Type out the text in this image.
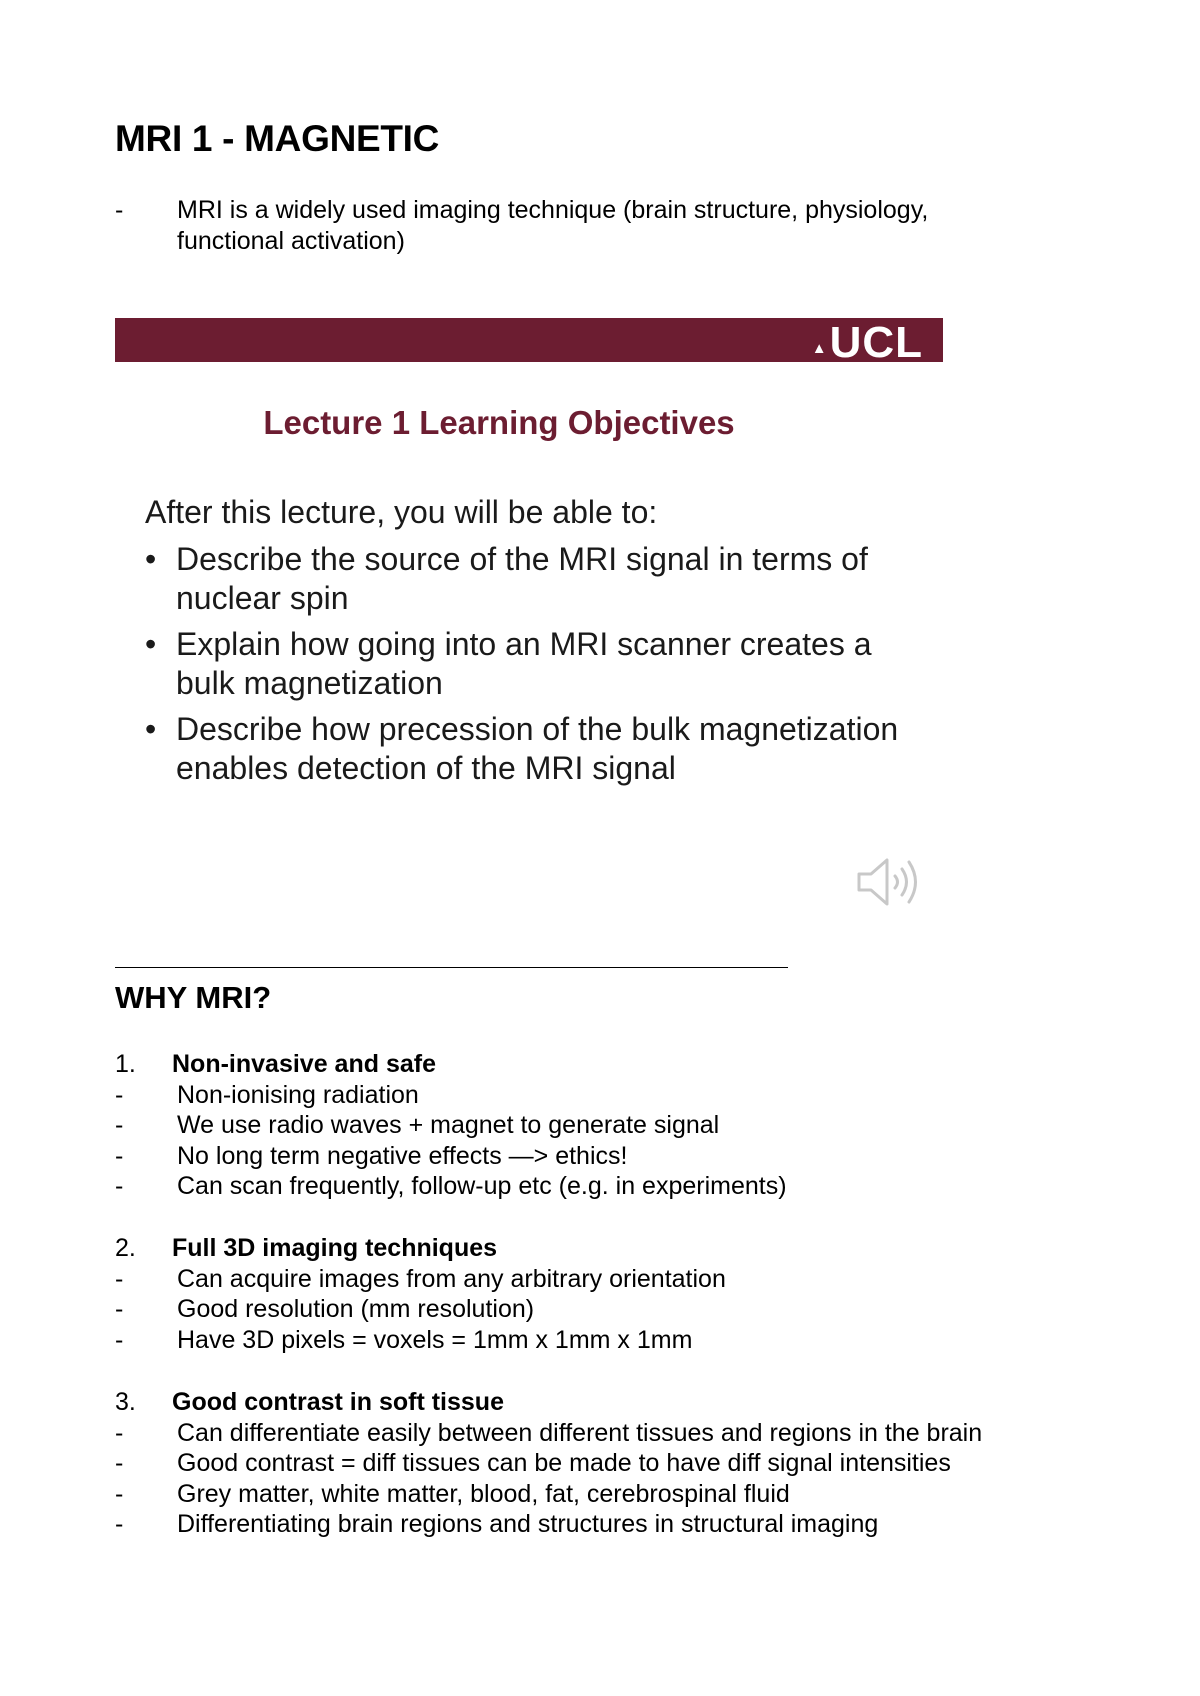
MRI 1 - MAGNETIC
- MRI is a widely used imaging technique (brain structure, physiology,
functional activation)
▲UCL
Lecture 1 Learning Objectives
After this lecture, you will be able to:
• Describe the source of the MRI signal in terms of
nuclear spin
• Explain how going into an MRI scanner creates a
bulk magnetization
• Describe how precession of the bulk magnetization
enables detection of the MRI signal
WHY MRI?
1. Non-invasive and safe
- Non-ionising radiation
- We use radio waves + magnet to generate signal
- No long term negative effects —> ethics!
- Can scan frequently, follow-up etc (e.g. in experiments)
2. Full 3D imaging techniques
- Can acquire images from any arbitrary orientation
- Good resolution (mm resolution)
- Have 3D pixels = voxels = 1mm x 1mm x 1mm
3. Good contrast in soft tissue
- Can differentiate easily between different tissues and regions in the brain
- Good contrast = diff tissues can be made to have diff signal intensities
- Grey matter, white matter, blood, fat, cerebrospinal fluid
- Differentiating brain regions and structures in structural imaging
